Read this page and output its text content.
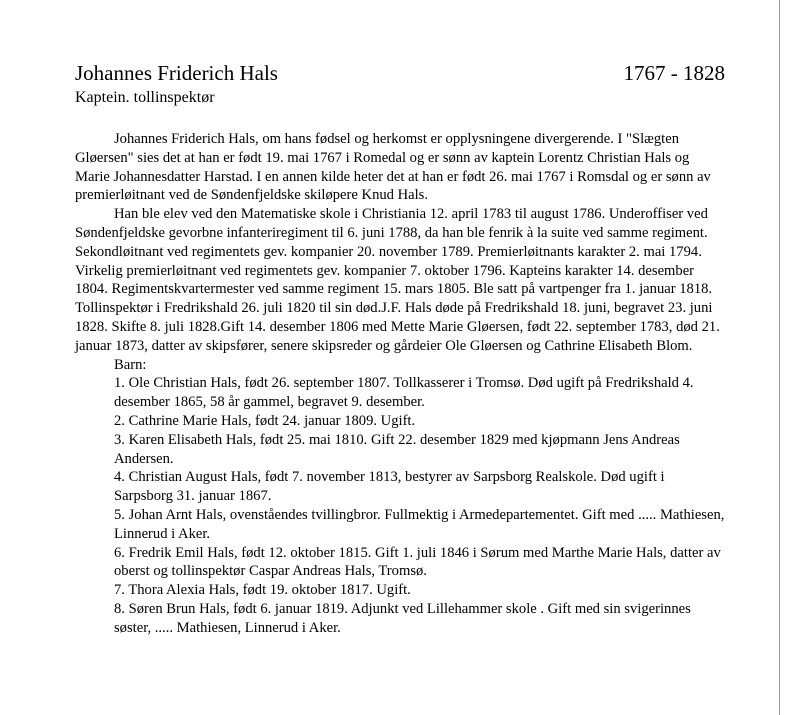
Johannes Friderich Hals	1767 - 1828
Kaptein. tollinspektør

Johannes Friderich Hals, om hans fødsel og herkomst er opplysningene divergerende. I "Slægten Gløersen" sies det at han er født 19. mai 1767 i Romedal og er sønn av kaptein Lorentz Christian Hals og Marie Johannesdatter Harstad. I en annen kilde heter det at han er født 26. mai 1767 i Romsdal og er sønn av premierløitnant ved de Søndenfjeldske skiløpere Knud Hals.

Han ble elev ved den Matematiske skole i Christiania 12. april 1783 til august 1786. Underoffiser ved Søndenfjeldske gevorbne infanteriregiment til 6. juni 1788, da han ble fenrik à la suite ved samme regiment. Sekondløitnant ved regimentets gev. kompanier 20. november 1789. Premierløitnants karakter 2. mai 1794. Virkelig premierløitnant ved regimentets gev. kompanier 7. oktober 1796. Kapteins karakter 14. desember 1804. Regimentskvartermester ved samme regiment 15. mars 1805. Ble satt på vartpenger fra 1. januar 1818.

Tollinspektør i Fredrikshald 26. juli 1820 til sin død.J.F. Hals døde på Fredrikshald 18. juni, begravet 23. juni 1828. Skifte 8. juli 1828.Gift 14. desember 1806 med Mette Marie Gløersen, født 22. september 1783, død 21. januar 1873, datter av skipsfører, senere skipsreder og gårdeier Ole Gløersen og Cathrine Elisabeth Blom.

Barn:

1. Ole Christian Hals, født 26. september 1807. Tollkasserer i Tromsø. Død ugift på Fredrikshald 4. desember 1865, 58 år gammel, begravet 9. desember.

2. Cathrine Marie Hals, født 24. januar 1809. Ugift.

3. Karen Elisabeth Hals, født 25. mai 1810. Gift 22. desember 1829 med kjøpmann Jens Andreas Andersen.

4. Christian August Hals, født 7. november 1813, bestyrer av Sarpsborg Realskole. Død ugift i Sarpsborg 31. januar 1867.

5. Johan Arnt Hals, ovenståendes tvillingbror. Fullmektig i Armedepartementet. Gift med ..... Mathiesen, Linnerud i Aker.

6. Fredrik Emil Hals, født 12. oktober 1815. Gift 1. juli 1846 i Sørum med Marthe Marie Hals, datter av oberst og tollinspektør Caspar Andreas Hals, Tromsø.

7. Thora Alexia Hals, født 19. oktober 1817. Ugift.

8. Søren Brun Hals, født 6. januar 1819. Adjunkt ved Lillehammer skole . Gift med sin svigerinnes søster, ..... Mathiesen, Linnerud i Aker.
